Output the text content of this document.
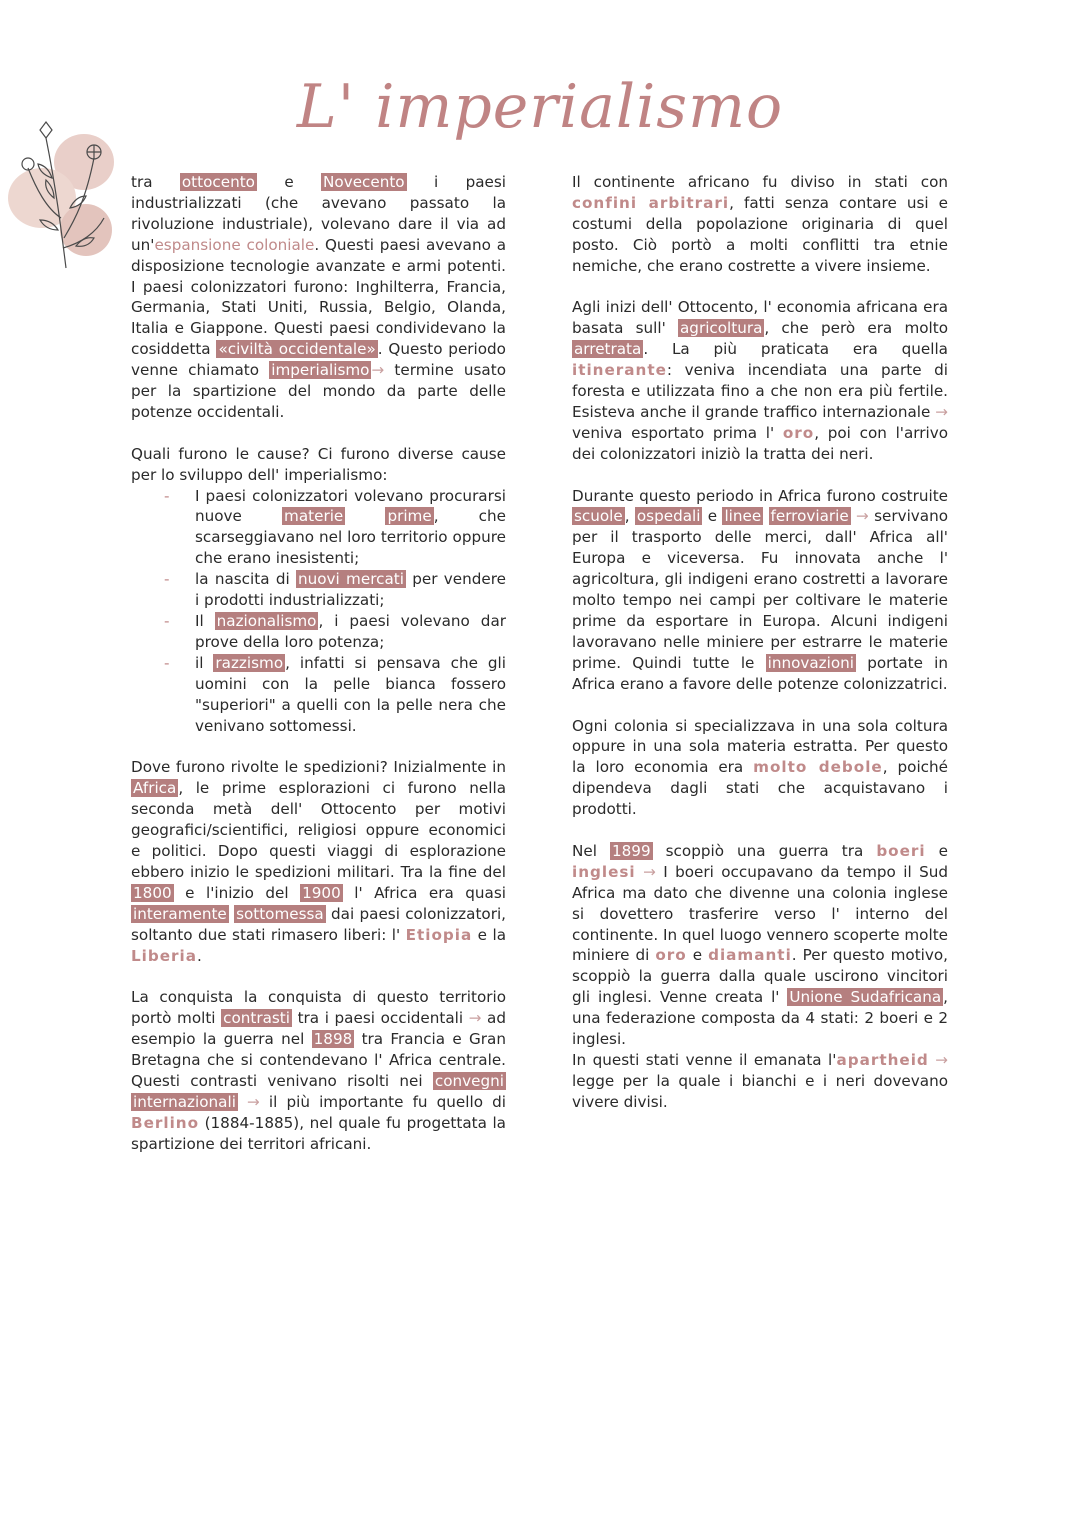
L' imperialismo

tra ottocento e Novecento i paesi industrializzati (che avevano passato la rivoluzione industriale), volevano dare il via ad un'espansione coloniale. Questi paesi avevano a disposizione tecnologie avanzate e armi potenti. I paesi colonizzatori furono: Inghilterra, Francia, Germania, Stati Uniti, Russia, Belgio, Olanda, Italia e Giappone. Questi paesi condividevano la cosiddetta «civiltà occidentale» . Questo periodo venne chiamato imperialismo → termine usato per la spartizione del mondo da parte delle potenze occidentali.

Quali furono le cause? Ci furono diverse cause per lo sviluppo dell' imperialismo:
- I paesi colonizzatori volevano procurarsi nuove materie	prime , che scarseggiavano nel loro territorio oppure che erano inesistenti;
- la nascita di nuovi mercati per vendere i prodotti industrializzati;
- Il nazionalismo , i paesi volevano dar prove della loro potenza;
- il razzismo , infatti si pensava che gli uomini con la pelle bianca fossero "superiori" a quelli con la pelle nera che venivano sottomessi.

Dove furono rivolte le spedizioni? Inizialmente in Africa , le prime esplorazioni ci furono nella seconda metà dell' Ottocento per motivi geografici/scientifici, religiosi oppure economici e politici. Dopo questi viaggi di esplorazione ebbero inizio le spedizioni militari. Tra la fine del 1800 e l'inizio del 1900 l' Africa era quasi interamente sottomessa dai paesi colonizzatori, soltanto due stati rimasero liberi: l' Etiopia e la Liberia.

La conquista la conquista di questo territorio portò molti contrasti tra i paesi occidentali → ad esempio la guerra nel 1898 tra Francia e Gran Bretagna che si contendevano l' Africa centrale. Questi contrasti venivano risolti nei convegni internazionali → il più importante fu quello di Berlino (1884-1885), nel quale fu progettata la spartizione dei territori africani.

Il continente africano fu diviso in stati con confini arbitrari, fatti senza contare usi e costumi della popolazione originaria di quel posto. Ciò portò a molti conflitti tra etnie nemiche, che erano costrette a vivere insieme.

Agli inizi dell' Ottocento, l' economia africana era basata sull' agricoltura , che però era molto arretrata . La più praticata era quella itinerante: veniva incendiata una parte di foresta e utilizzata fino a che non era più fertile. Esisteva anche il grande traffico internazionale → veniva esportato prima l' oro, poi con l'arrivo dei colonizzatori iniziò la tratta dei neri.

Durante questo periodo in Africa furono costruite scuole , ospedali e linee ferroviarie → servivano per il trasporto delle merci, dall' Africa all' Europa e viceversa. Fu innovata anche l' agricoltura, gli indigeni erano costretti a lavorare molto tempo nei campi per coltivare le materie prime da esportare in Europa. Alcuni indigeni lavoravano nelle miniere per estrarre le materie prime. Quindi tutte le innovazioni portate in Africa erano a favore delle potenze colonizzatrici.

Ogni colonia si specializzava in una sola coltura oppure in una sola materia estratta. Per questo la loro economia era molto debole, poiché dipendeva dagli stati che acquistavano i prodotti.

Nel 1899 scoppiò una guerra tra boeri e inglesi → I boeri occupavano da tempo il Sud Africa ma dato che divenne una colonia inglese si dovettero trasferire verso l' interno del continente. In quel luogo vennero scoperte molte miniere di oro e diamanti. Per questo motivo, scoppiò la guerra dalla quale uscirono vincitori gli inglesi. Venne creata l' Unione Sudafricana , una federazione composta da 4 stati: 2 boeri e 2 inglesi.
In questi stati venne il emanata l'apartheid → legge per la quale i bianchi e i neri dovevano vivere divisi.
